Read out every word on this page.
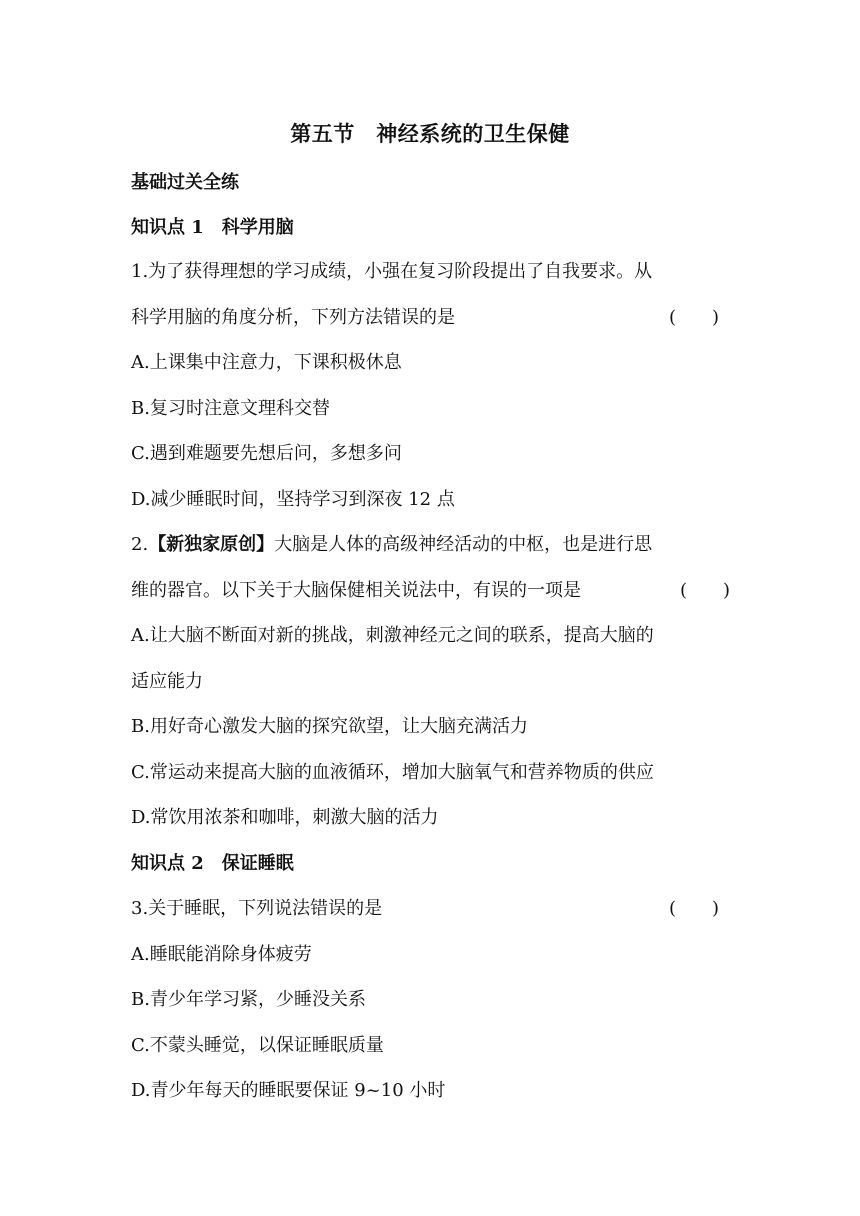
第五节　神经系统的卫生保健
基础过关全练
知识点 1　科学用脑
1.为了获得理想的学习成绩，小强在复习阶段提出了自我要求。从
科学用脑的角度分析，下列方法错误的是	(　　)
A.上课集中注意力，下课积极休息
B.复习时注意文理科交替
C.遇到难题要先想后问，多想多问
D.减少睡眠时间，坚持学习到深夜 12 点
2.【新独家原创】大脑是人体的高级神经活动的中枢，也是进行思
维的器官。以下关于大脑保健相关说法中，有误的一项是	(　　)
A.让大脑不断面对新的挑战，刺激神经元之间的联系，提高大脑的
适应能力
B.用好奇心激发大脑的探究欲望，让大脑充满活力
C.常运动来提高大脑的血液循环，增加大脑氧气和营养物质的供应
D.常饮用浓茶和咖啡，刺激大脑的活力
知识点 2　保证睡眠
3.关于睡眠，下列说法错误的是	(　　)
A.睡眠能消除身体疲劳
B.青少年学习紧，少睡没关系
C.不蒙头睡觉，以保证睡眠质量
D.青少年每天的睡眠要保证 9~10 小时
